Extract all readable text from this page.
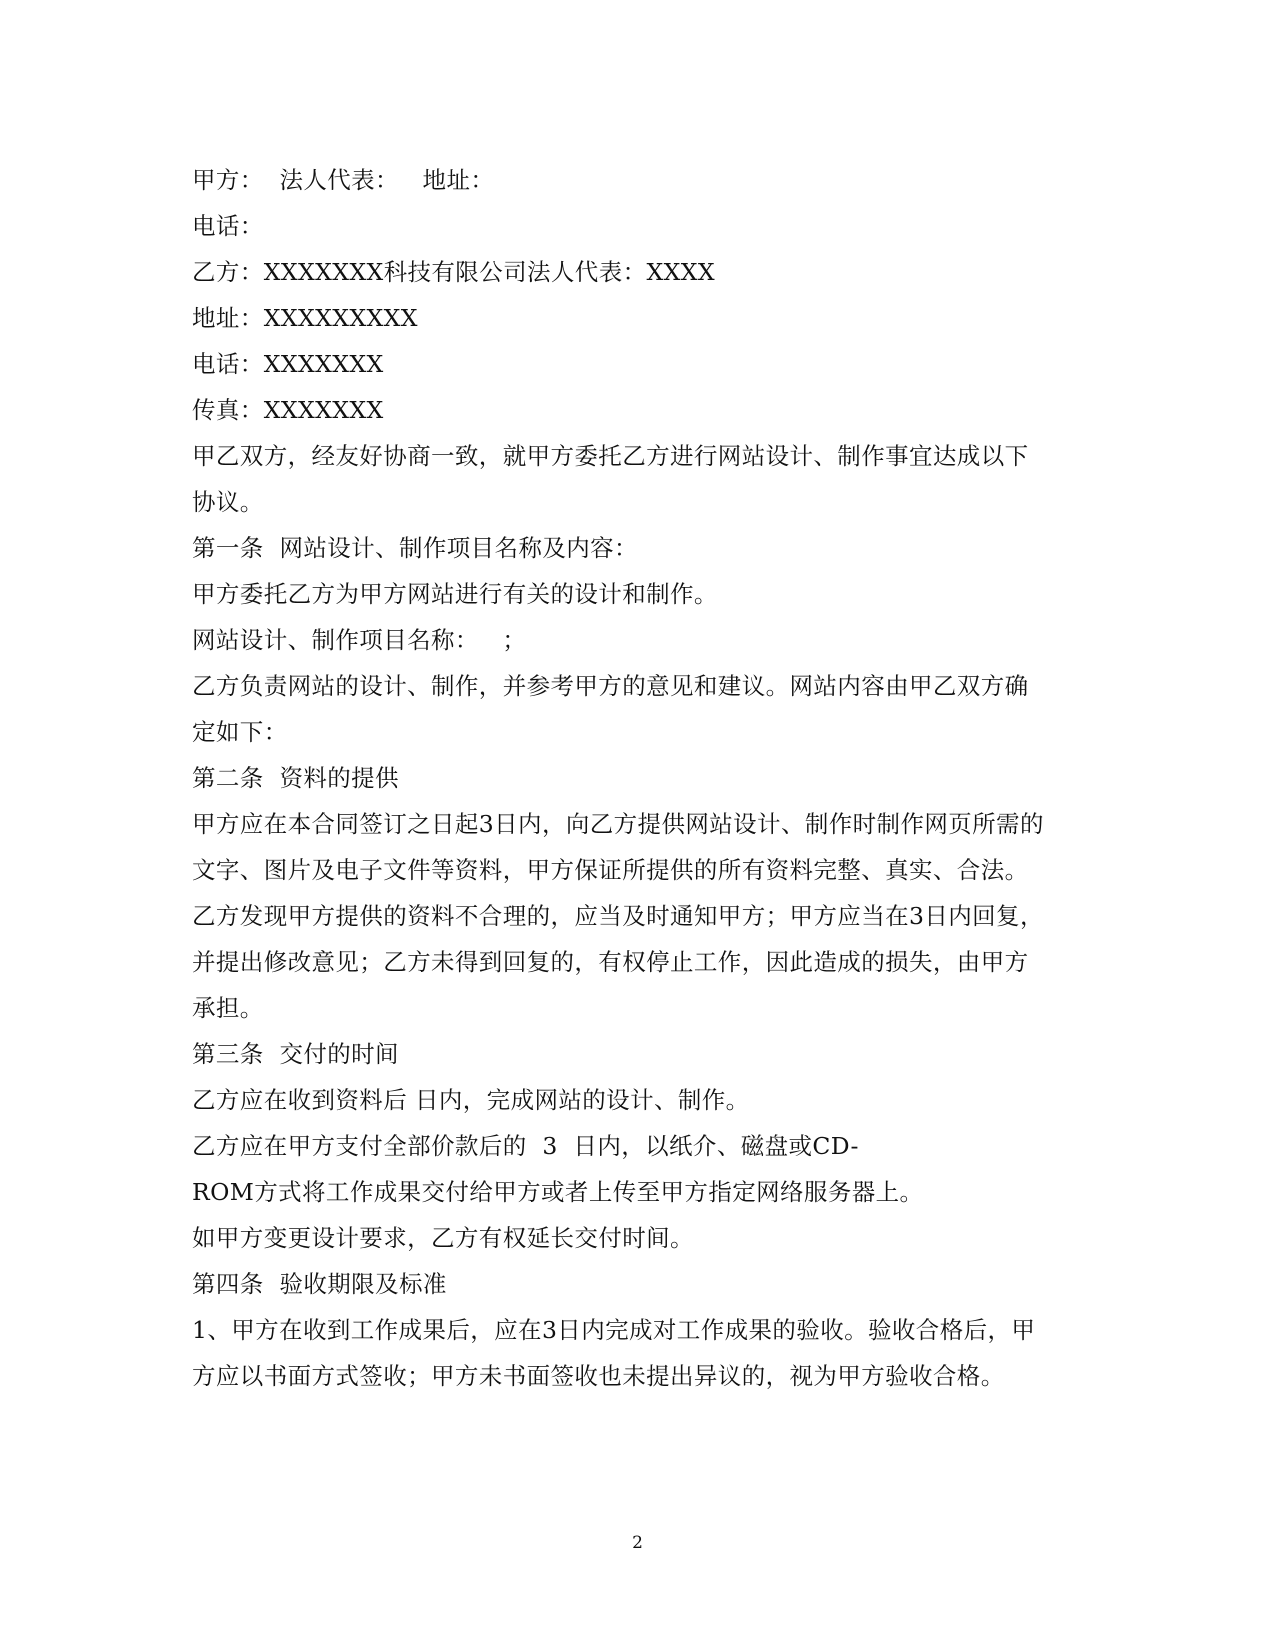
甲方：  法人代表：   地址：
电话：
乙方：XXXXXXX科技有限公司法人代表：XXXX
地址：XXXXXXXXX
电话：XXXXXXX
传真：XXXXXXX
甲乙双方，经友好协商一致，就甲方委托乙方进行网站设计、制作事宜达成以下
协议。
第一条  网站设计、制作项目名称及内容：
甲方委托乙方为甲方网站进行有关的设计和制作。
网站设计、制作项目名称：   ；
乙方负责网站的设计、制作，并参考甲方的意见和建议。网站内容由甲乙双方确
定如下：
第二条  资料的提供
甲方应在本合同签订之日起3日内，向乙方提供网站设计、制作时制作网页所需的
文字、图片及电子文件等资料，甲方保证所提供的所有资料完整、真实、合法。
乙方发现甲方提供的资料不合理的，应当及时通知甲方；甲方应当在3日内回复，
并提出修改意见；乙方未得到回复的，有权停止工作，因此造成的损失，由甲方
承担。
第三条  交付的时间
乙方应在收到资料后 日内，完成网站的设计、制作。
乙方应在甲方支付全部价款后的  3  日内，以纸介、磁盘或CD-
ROM方式将工作成果交付给甲方或者上传至甲方指定网络服务器上。
如甲方变更设计要求，乙方有权延长交付时间。
第四条  验收期限及标准
1、甲方在收到工作成果后，应在3日内完成对工作成果的验收。验收合格后，甲
方应以书面方式签收；甲方未书面签收也未提出异议的，视为甲方验收合格。
2
